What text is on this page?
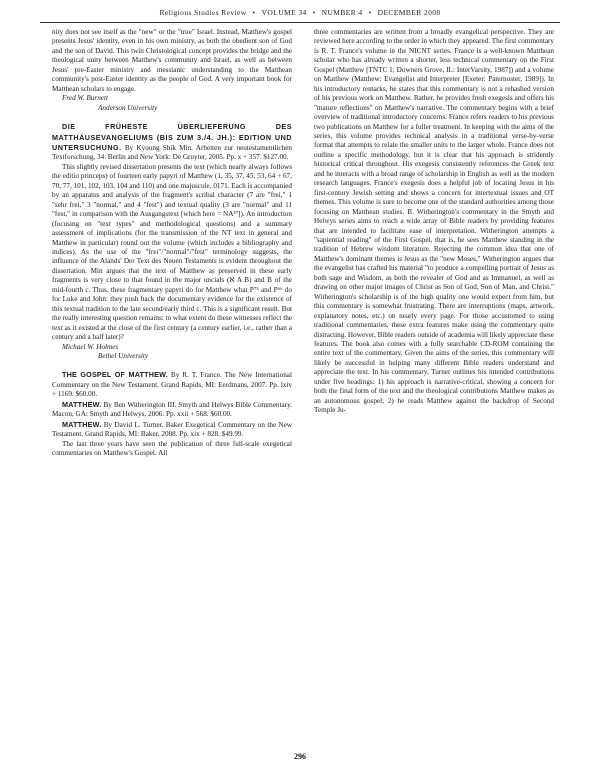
Religious Studies Review • VOLUME 34 • NUMBER 4 • DECEMBER 2008

nity does not see itself as the "new" or the "true" Israel. Instead, Matthew's gospel presents Jesus' identity, even in his own ministry, as both the obedient son of God and the son of David. This twin Christological concept provides the bridge and the theological unity between Matthew's community and Israel, as well as between Jesus' pre-Easter ministry and messianic understanding to the Matthean community's post-Easter identity as the people of God. A very important book for Matthean scholars to engage.

Fred W. Burnett

Anderson University

DIE FRÜHESTE ÜBERLIEFERUNG DES MATTHÄUSEVANGELIUMS (BIS ZUM 3./4. JH.): EDITION UND UNTERSUCHUNG. By Kyoung Shik Min. Arbeiten zur neutestamentlichen Textforschung, 34. Berlin and New York: De Gruyter, 2005. Pp. x + 357. $127.00.

This slightly revised dissertation presents the text (which nearly always follows the editio princeps) of fourteen early papyri of Matthew (1, 35, 37, 45, 53, 64 + 67, 70, 77, 101, 102, 103, 104 and 110) and one majuscule, 0171. Each is accompanied by an apparatus and analysis of the fragment's scribal character (7 are "frei," 1 "sehr frei," 3 "normal," and 4 "fest") and textual quality (3 are "normal" and 11 "fest," in comparison with the Ausgangstext [which here = NA²⁷]). An introduction (focusing on "text types" and methodological questions) and a summary assessment of implications (for the transmission of the NT text in general and Matthew in particular) round out the volume (which includes a bibliography and indices). As the use of the "frei"/"normal"/"fest" terminology suggests, the influence of the Alands' Der Text des Neuen Testaments is evident throughout the dissertation. Min argues that the text of Matthew as preserved in these early fragments is very close to that found in the major uncials (ℵ A B) and B of the mid-fourth c. Thus, these fragmentary papyri do for Matthew what P⁷⁵ and P⁶⁶ do for Luke and John: they push back the documentary evidence for the existence of this textual tradition to the late second/early third c. This is a significant result. But the really interesting question remains: to what extent do these witnesses reflect the text as it existed at the close of the first century (a century earlier, i.e., rather than a century and a half later)?

Michael W. Holmes

Bethel University

THE GOSPEL OF MATTHEW. By R. T. France. The New International Commentary on the New Testament. Grand Rapids, MI: Eerdmans, 2007. Pp. lxiv + 1169. $60.00.

MATTHEW. By Ben Witherington III. Smyth and Helwys Bible Commentary. Macon, GA: Smyth and Helwys, 2006. Pp. xxii + 568. $60.00.

MATTHEW. By David L. Turner. Baker Exegetical Commentary on the New Testament. Grand Rapids, MI: Baker, 2008. Pp. xix + 828. $49.99.

The last three years have seen the publication of three full-scale exegetical commentaries on Matthew's Gospel. All

three commentaries are written from a broadly evangelical perspective. They are reviewed here according to the order in which they appeared. The first commentary is R. T. France's volume in the NICNT series. France is a well-known Matthean scholar who has already written a shorter, less technical commentary on the First Gospel (Matthew [TNTC 1; Downers Grove, IL: InterVarsity, 1987]) and a volume on Matthew (Matthew: Evangelist and Interpreter [Exeter: Paternoster, 1989]). In his introductory remarks, he states that this commentary is not a rehashed version of his previous work on Matthew. Rather, he provides fresh exegesis and offers his "mature reflections" on Matthew's narrative. The commentary begins with a brief overview of traditional introductory concerns. France refers readers to his previous two publications on Matthew for a fuller treatment. In keeping with the aims of the series, this volume provides technical analysis in a traditional verse-by-verse format that attempts to relate the smaller units to the larger whole. France does not outline a specific methodology, but it is clear that his approach is stridently historical critical throughout. His exegesis consistently references the Greek text and he interacts with a broad range of scholarship in English as well as the modern research languages. France's exegesis does a helpful job of locating Jesus in his first-century Jewish setting and shows a concern for intertextual issues and OT themes. This volume is sure to become one of the standard authorities among those focusing on Matthean studies. B. Witherington's commentary in the Smyth and Helwys series aims to reach a wide array of Bible readers by providing features that are intended to facilitate ease of interpretation. Witherington attempts a "sapiential reading" of the First Gospel, that is, he sees Matthew standing in the tradition of Hebrew wisdom literature. Rejecting the common idea that one of Matthew's dominant themes is Jesus as the "new Moses," Witherington argues that the evangelist has crafted his material "to produce a compelling portrait of Jesus as both sage and Wisdom, as both the revealer of God and as Immanuel, as well as drawing on other major images of Christ as Son of God, Son of Man, and Christ." Witherington's scholarship is of the high quality one would expect from him, but this commentary is somewhat frustrating. There are interruptions (maps, artwork, explanatory notes, etc.) on nearly every page. For those accustomed to using traditional commentaries, these extra features make using the commentary quite distracting. However, Bible readers outside of academia will likely appreciate these features. The book also comes with a fully searchable CD-ROM containing the entire text of the commentary. Given the aims of the series, this commentary will likely be successful in helping many different Bible readers understand and appreciate the text. In his commentary, Turner outlines his intended contributions under five headings: 1) his approach is narrative-critical, showing a concern for both the final form of the text and the theological contributions Matthew makes as an autonomous gospel; 2) he reads Matthew against the backdrop of Second Temple Ju-

296
